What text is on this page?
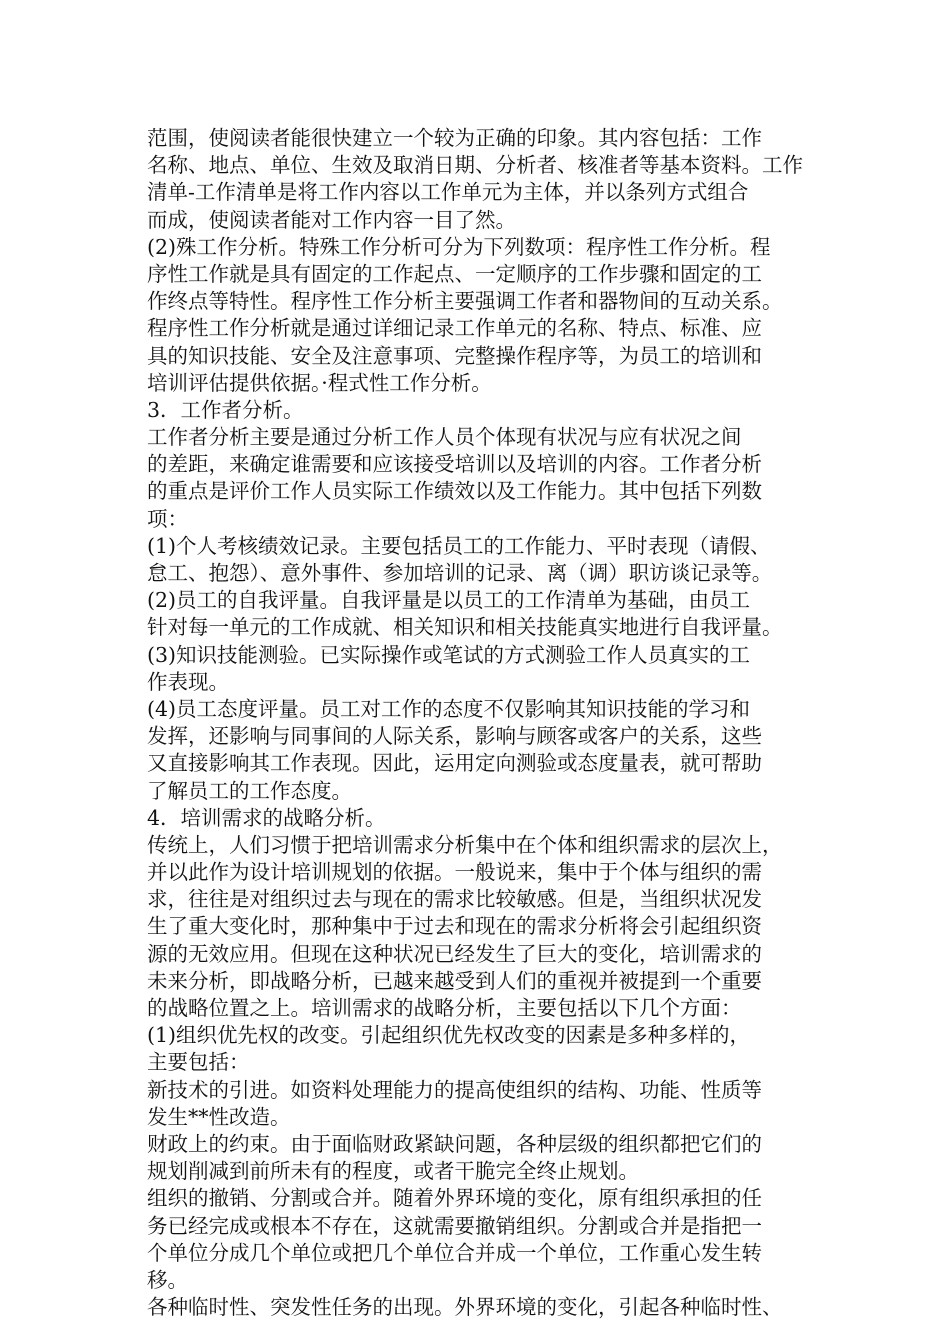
范围，使阅读者能很快建立一个较为正确的印象。其内容包括：工作
名称、地点、单位、生效及取消日期、分析者、核准者等基本资料。工作
清单-工作清单是将工作内容以工作单元为主体，并以条列方式组合
而成，使阅读者能对工作内容一目了然。
(2)殊工作分析。特殊工作分析可分为下列数项：程序性工作分析。程
序性工作就是具有固定的工作起点、一定顺序的工作步骤和固定的工
作终点等特性。程序性工作分析主要强调工作者和器物间的互动关系。
程序性工作分析就是通过详细记录工作单元的名称、特点、标准、应
具的知识技能、安全及注意事项、完整操作程序等，为员工的培训和
培训评估提供依据。·程式性工作分析。
3．工作者分析。
工作者分析主要是通过分析工作人员个体现有状况与应有状况之间
的差距，来确定谁需要和应该接受培训以及培训的内容。工作者分析
的重点是评价工作人员实际工作绩效以及工作能力。其中包括下列数
项：
(1)个人考核绩效记录。主要包括员工的工作能力、平时表现（请假、
怠工、抱怨）、意外事件、参加培训的记录、离（调）职访谈记录等。
(2)员工的自我评量。自我评量是以员工的工作清单为基础，由员工
针对每一单元的工作成就、相关知识和相关技能真实地进行自我评量。
(3)知识技能测验。已实际操作或笔试的方式测验工作人员真实的工
作表现。
(4)员工态度评量。员工对工作的态度不仅影响其知识技能的学习和
发挥，还影响与同事间的人际关系，影响与顾客或客户的关系，这些
又直接影响其工作表现。因此，运用定向测验或态度量表，就可帮助
了解员工的工作态度。
4．培训需求的战略分析。
传统上，人们习惯于把培训需求分析集中在个体和组织需求的层次上，
并以此作为设计培训规划的依据。一般说来，集中于个体与组织的需
求，往往是对组织过去与现在的需求比较敏感。但是，当组织状况发
生了重大变化时，那种集中于过去和现在的需求分析将会引起组织资
源的无效应用。但现在这种状况已经发生了巨大的变化，培训需求的
未来分析，即战略分析，已越来越受到人们的重视并被提到一个重要
的战略位置之上。培训需求的战略分析，主要包括以下几个方面：
(1)组织优先权的改变。引起组织优先权改变的因素是多种多样的，
主要包括：
新技术的引进。如资料处理能力的提高使组织的结构、功能、性质等
发生**性改造。
财政上的约束。由于面临财政紧缺问题，各种层级的组织都把它们的
规划削减到前所未有的程度，或者干脆完全终止规划。
组织的撤销、分割或合并。随着外界环境的变化，原有组织承担的任
务已经完成或根本不存在，这就需要撤销组织。分割或合并是指把一
个单位分成几个单位或把几个单位合并成一个单位，工作重心发生转
移。
各种临时性、突发性任务的出现。外界环境的变化，引起各种临时性、
